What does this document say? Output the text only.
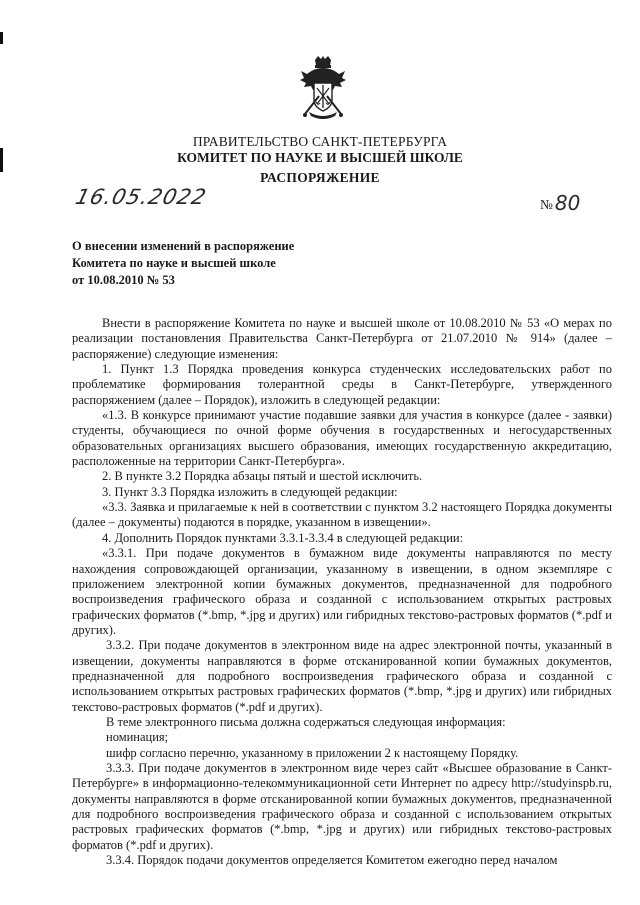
ПРАВИТЕЛЬСТВО САНКТ-ПЕТЕРБУРГА
КОМИТЕТ ПО НАУКЕ И ВЫСШЕЙ ШКОЛЕ
РАСПОРЯЖЕНИЕ
16.05.2022	№ 80
О внесении изменений в распоряжение
Комитета по науке и высшей школе
от 10.08.2010 № 53

Внести в распоряжение Комитета по науке и высшей школе от 10.08.2010 № 53 «О мерах по реализации постановления Правительства Санкт-Петербурга от 21.07.2010 № 914» (далее – распоряжение) следующие изменения:

1. Пункт 1.3 Порядка проведения конкурса студенческих исследовательских работ по проблематике формирования толерантной среды в Санкт-Петербурге, утвержденного распоряжением (далее – Порядок), изложить в следующей редакции:

«1.3. В конкурсе принимают участие подавшие заявки для участия в конкурсе (далее - заявки) студенты, обучающиеся по очной форме обучения в государственных и негосударственных образовательных организациях высшего образования, имеющих государственную аккредитацию, расположенные на территории Санкт-Петербурга».

2. В пункте 3.2 Порядка абзацы пятый и шестой исключить.

3. Пункт 3.3 Порядка изложить в следующей редакции:

«3.3. Заявка и прилагаемые к ней в соответствии с пунктом 3.2 настоящего Порядка документы (далее – документы) подаются в порядке, указанном в извещении».

4. Дополнить Порядок пунктами 3.3.1-3.3.4 в следующей редакции:

«3.3.1. При подаче документов в бумажном виде документы направляются по месту нахождения сопровождающей организации, указанному в извещении, в одном экземпляре с приложением электронной копии бумажных документов, предназначенной для подробного воспроизведения графического образа и созданной с использованием открытых растровых графических форматов (*.bmp, *.jpg и других) или гибридных текстово-растровых форматов (*.pdf и других).

3.3.2. При подаче документов в электронном виде на адрес электронной почты, указанный в извещении, документы направляются в форме отсканированной копии бумажных документов, предназначенной для подробного воспроизведения графического образа и созданной с использованием открытых растровых графических форматов (*.bmp, *.jpg и других) или гибридных текстово-растровых форматов (*.pdf и других).

В теме электронного письма должна содержаться следующая информация:

номинация;

шифр согласно перечню, указанному в приложении 2 к настоящему Порядку.

3.3.3. При подаче документов в электронном виде через сайт «Высшее образование в Санкт-Петербурге» в информационно-телекоммуникационной сети Интернет по адресу http://studyinspb.ru, документы направляются в форме отсканированной копии бумажных документов, предназначенной для подробного воспроизведения графического образа и созданной с использованием открытых растровых графических форматов (*.bmp, *.jpg и других) или гибридных текстово-растровых форматов (*.pdf и других).

3.3.4. Порядок подачи документов определяется Комитетом ежегодно перед началом
